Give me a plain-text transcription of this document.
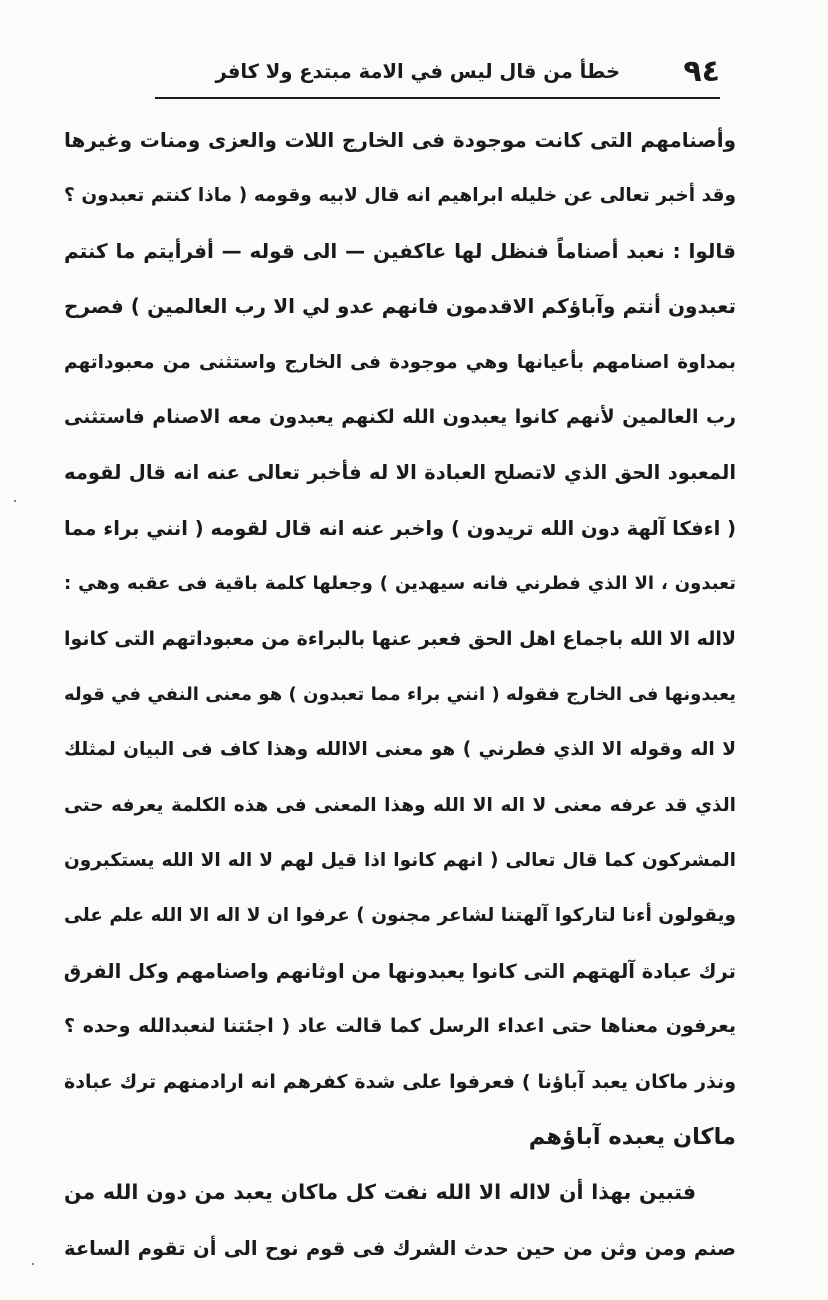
٩٤
خطأ من قال ليس في الامة مبتدع ولا كافر
وأصنامهم التى كانت موجودة فى الخارج اللات والعزى ومنات وغيرها
وقد أخبر تعالى عن خليله ابراهيم انه قال لابيه وقومه ( ماذا كنتم تعبدون ؟
قالوا : نعبد أصناماً فنظل لها عاكفين — الى قوله — أفرأيتم ما كنتم
تعبدون أنتم وآباؤكم الاقدمون فانهم عدو لي الا رب العالمين ) فصرح
بمداوة اصنامهم بأعيانها وهي موجودة فى الخارج واستثنى من معبوداتهم
رب العالمين لأنهم كانوا يعبدون الله لكنهم يعبدون معه الاصنام فاستثنى
المعبود الحق الذي لاتصلح العبادة الا له فأخبر تعالى عنه انه قال لقومه
( اءفكا آلهة دون الله تريدون ) واخبر عنه انه قال لقومه ( انني براء مما
تعبدون ، الا الذي فطرني فانه سيهدين ) وجعلها كلمة باقية فى عقبه وهي :
لااله الا الله باجماع اهل الحق فعبر عنها بالبراءة من معبوداتهم التى كانوا
يعبدونها فى الخارج فقوله ( انني براء مما تعبدون ) هو معنى النفي في قوله
لا اله وقوله الا الذي فطرني ) هو معنى الاالله وهذا كاف فى البيان لمثلك
الذي قد عرفه معنى لا اله الا الله وهذا المعنى فى هذه الكلمة يعرفه حتى
المشركون كما قال تعالى ( انهم كانوا اذا قيل لهم لا اله الا الله يستكبرون
ويقولون أءنا لتاركوا آلهتنا لشاعر مجنون ) عرفوا ان لا اله الا الله علم على
ترك عبادة آلهتهم التى كانوا يعبدونها من اوثانهم واصنامهم وكل الفرق
يعرفون معناها حتى اعداء الرسل كما قالت عاد ( اجئتنا لنعبدالله وحده ؟
ونذر ماكان يعبد آباؤنا ) فعرفوا على شدة كفرهم انه ارادمنهم ترك عبادة
ماكان يعبده آباؤهم
فتبين بهذا أن لااله الا الله نفت كل ماكان يعبد من دون الله من
صنم ومن وثن من حين حدث الشرك فى قوم نوح الى أن تقوم الساعة
